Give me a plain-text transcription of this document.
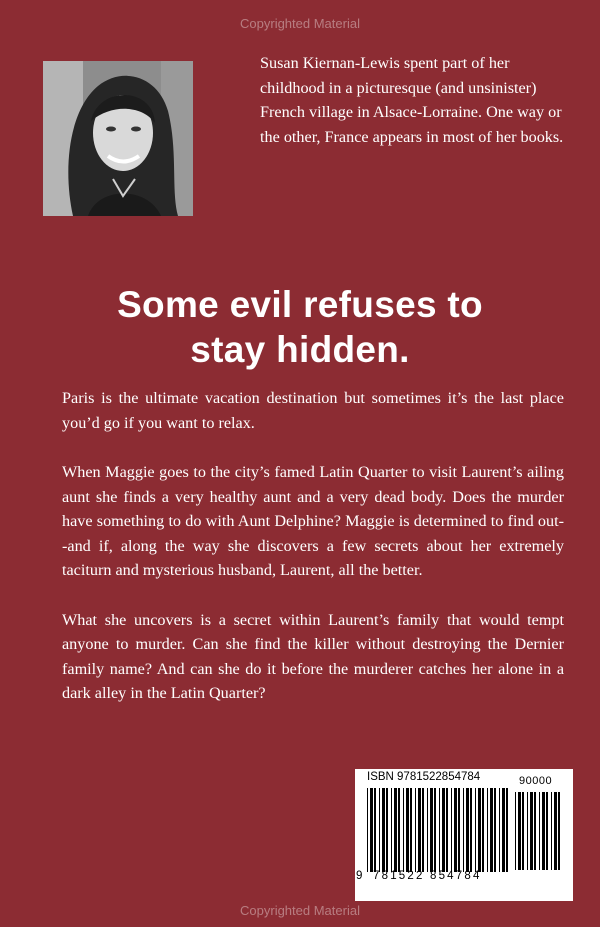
Copyrighted Material

Susan Kiernan-Lewis spent part of her childhood in a picturesque (and unsinister) French village in Alsace-Lorraine. One way or the other, France appears in most of her books.

Some evil refuses to
stay hidden.

Paris is the ultimate vacation destination but sometimes it’s the last place you’d go if you want to relax.

When Maggie goes to the city’s famed Latin Quarter to visit Laurent’s ailing aunt she finds a very healthy aunt and a very dead body. Does the murder have something to do with Aunt Delphine? Maggie is determined to find out--and if, along the way she discovers a few secrets about her extremely taciturn and mysterious husband, Laurent, all the better.

What she uncovers is a secret within Laurent’s family that would tempt anyone to murder. Can she find the killer without destroying the Dernier family name? And can she do it before the murderer catches her alone in a dark alley in the Latin Quarter?

ISBN 9781522854784	90000
9 781522 854784
Copyrighted Material
